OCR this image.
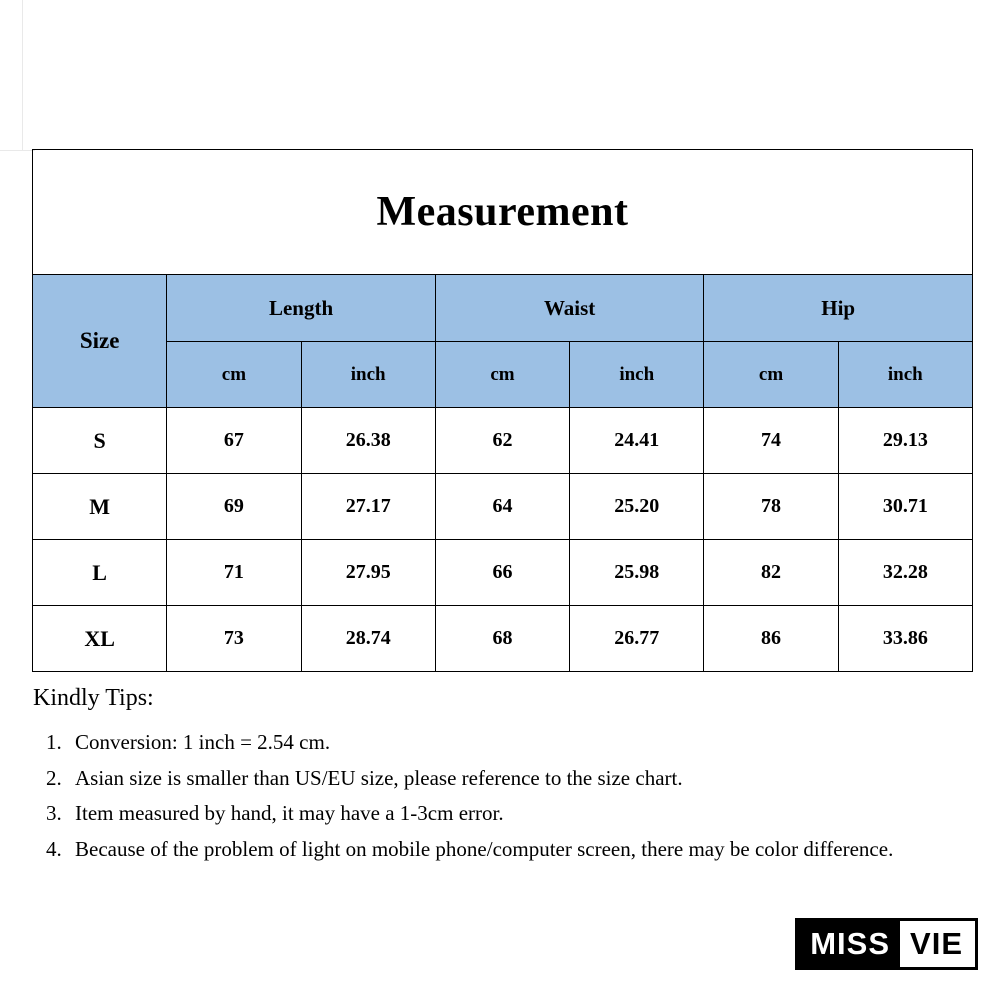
Measurement						
Size	Length		Waist		Hip	
	cm	inch	cm	inch	cm	inch
S	67	26.38	62	24.41	74	29.13
M	69	27.17	64	25.20	78	30.71
L	71	27.95	66	25.98	82	32.28
XL	73	28.74	68	26.77	86	33.86
Kindly Tips:
1. Conversion: 1 inch = 2.54 cm.
2. Asian size is smaller than US/EU size, please reference to the size chart.
3. Item measured by hand, it may have a 1-3cm error.
4. Because of the problem of light on mobile phone/computer screen, there may be color difference.
MISS VIE
